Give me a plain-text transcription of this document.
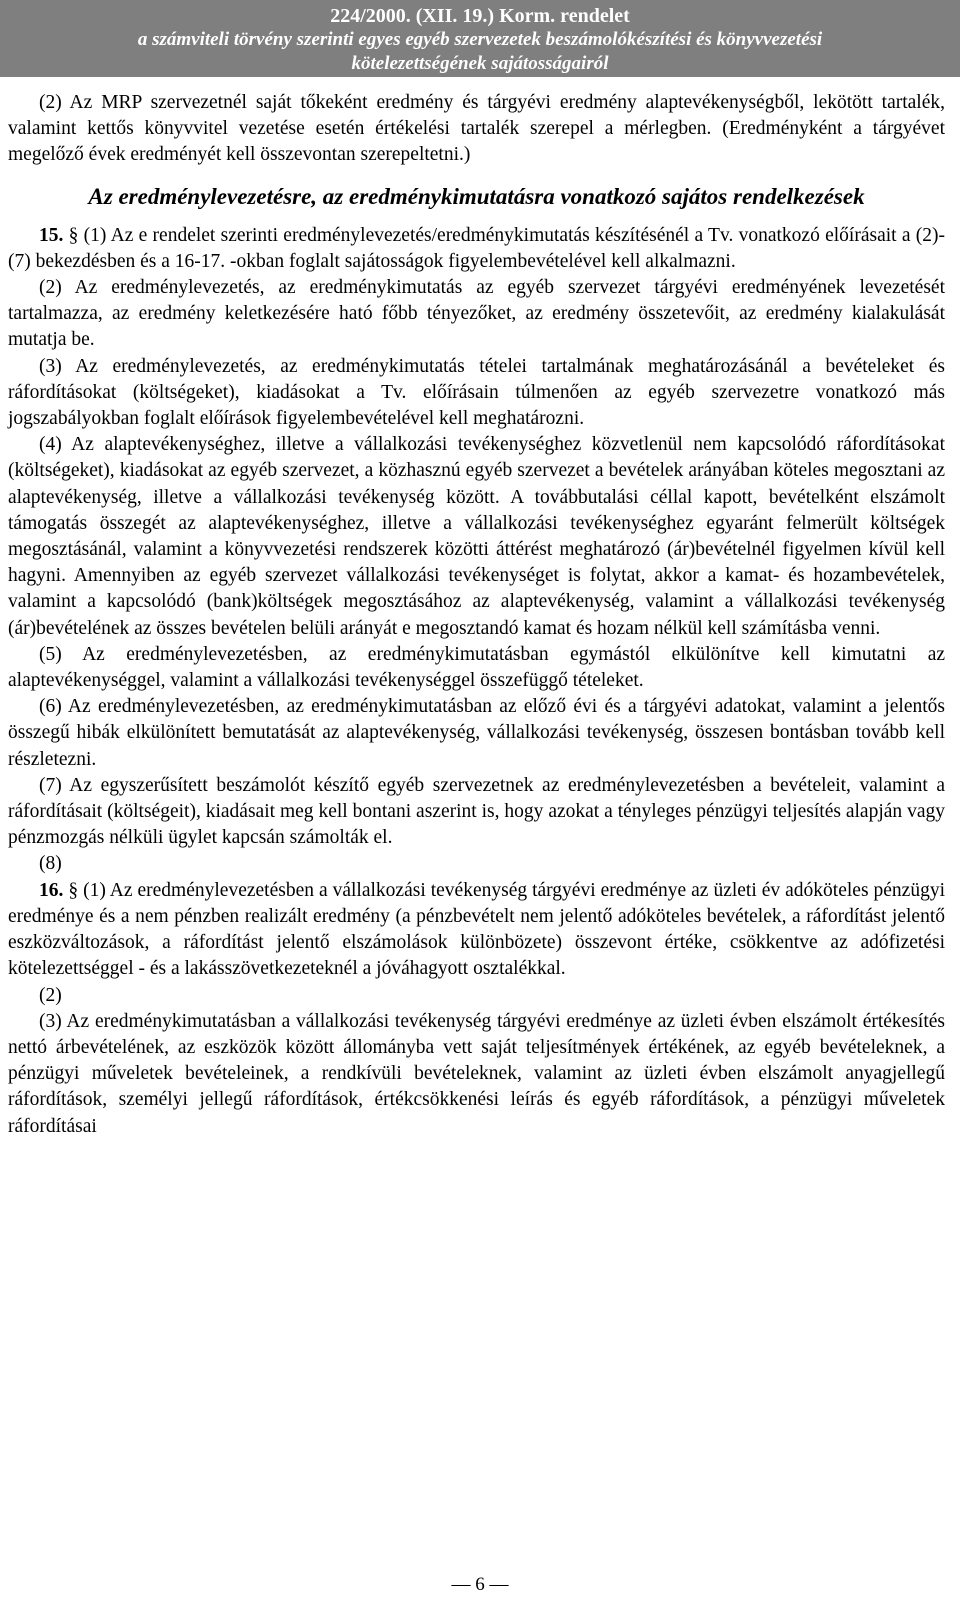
224/2000. (XII. 19.) Korm. rendelet
a számviteli törvény szerinti egyes egyéb szervezetek beszámolókészítési és könyvvezetési
kötelezettségének sajátosságairól

(2) Az MRP szervezetnél saját tőkeként eredmény és tárgyévi eredmény alaptevékenységből, lekötött tartalék, valamint kettős könyvvitel vezetése esetén értékelési tartalék szerepel a mérlegben. (Eredményként a tárgyévet megelőző évek eredményét kell összevontan szerepeltetni.)

Az eredménylevezetésre, az eredménykimutatásra vonatkozó sajátos rendelkezések

15. § (1) Az e rendelet szerinti eredménylevezetés/eredménykimutatás készítésénél a Tv. vonatkozó előírásait a (2)-(7) bekezdésben és a 16-17. -okban foglalt sajátosságok figyelembevételével kell alkalmazni.

(2) Az eredménylevezetés, az eredménykimutatás az egyéb szervezet tárgyévi eredményének levezetését tartalmazza, az eredmény keletkezésére ható főbb tényezőket, az eredmény összetevőit, az eredmény kialakulását mutatja be.

(3) Az eredménylevezetés, az eredménykimutatás tételei tartalmának meghatározásánál a bevételeket és ráfordításokat (költségeket), kiadásokat a Tv. előírásain túlmenően az egyéb szervezetre vonatkozó más jogszabályokban foglalt előírások figyelembevételével kell meghatározni.

(4) Az alaptevékenységhez, illetve a vállalkozási tevékenységhez közvetlenül nem kapcsolódó ráfordításokat (költségeket), kiadásokat az egyéb szervezet, a közhasznú egyéb szervezet a bevételek arányában köteles megosztani az alaptevékenység, illetve a vállalkozási tevékenység között. A továbbutalási céllal kapott, bevételként elszámolt támogatás összegét az alaptevékenységhez, illetve a vállalkozási tevékenységhez egyaránt felmerült költségek megosztásánál, valamint a könyvvezetési rendszerek közötti áttérést meghatározó (ár)bevételnél figyelmen kívül kell hagyni. Amennyiben az egyéb szervezet vállalkozási tevékenységet is folytat, akkor a kamat- és hozambevételek, valamint a kapcsolódó (bank)költségek megosztásához az alaptevékenység, valamint a vállalkozási tevékenység (ár)bevételének az összes bevételen belüli arányát e megosztandó kamat és hozam nélkül kell számításba venni.

(5) Az eredménylevezetésben, az eredménykimutatásban egymástól elkülönítve kell kimutatni az alaptevékenységgel, valamint a vállalkozási tevékenységgel összefüggő tételeket.

(6) Az eredménylevezetésben, az eredménykimutatásban az előző évi és a tárgyévi adatokat, valamint a jelentős összegű hibák elkülönített bemutatását az alaptevékenység, vállalkozási tevékenység, összesen bontásban tovább kell részletezni.

(7) Az egyszerűsített beszámolót készítő egyéb szervezetnek az eredménylevezetésben a bevételeit, valamint a ráfordításait (költségeit), kiadásait meg kell bontani aszerint is, hogy azokat a tényleges pénzügyi teljesítés alapján vagy pénzmozgás nélküli ügylet kapcsán számolták el.

(8)

16. § (1) Az eredménylevezetésben a vállalkozási tevékenység tárgyévi eredménye az üzleti év adóköteles pénzügyi eredménye és a nem pénzben realizált eredmény (a pénzbevételt nem jelentő adóköteles bevételek, a ráfordítást jelentő eszközváltozások, a ráfordítást jelentő elszámolások különbözete) összevont értéke, csökkentve az adófizetési kötelezettséggel - és a lakásszövetkezeteknél a jóváhagyott osztalékkal.

(2)

(3) Az eredménykimutatásban a vállalkozási tevékenység tárgyévi eredménye az üzleti évben elszámolt értékesítés nettó árbevételének, az eszközök között állományba vett saját teljesítmények értékének, az egyéb bevételeknek, a pénzügyi műveletek bevételeinek, a rendkívüli bevételeknek, valamint az üzleti évben elszámolt anyagjellegű ráfordítások, személyi jellegű ráfordítások, értékcsökkenési leírás és egyéb ráfordítások, a pénzügyi műveletek ráfordításai

— 6 —
